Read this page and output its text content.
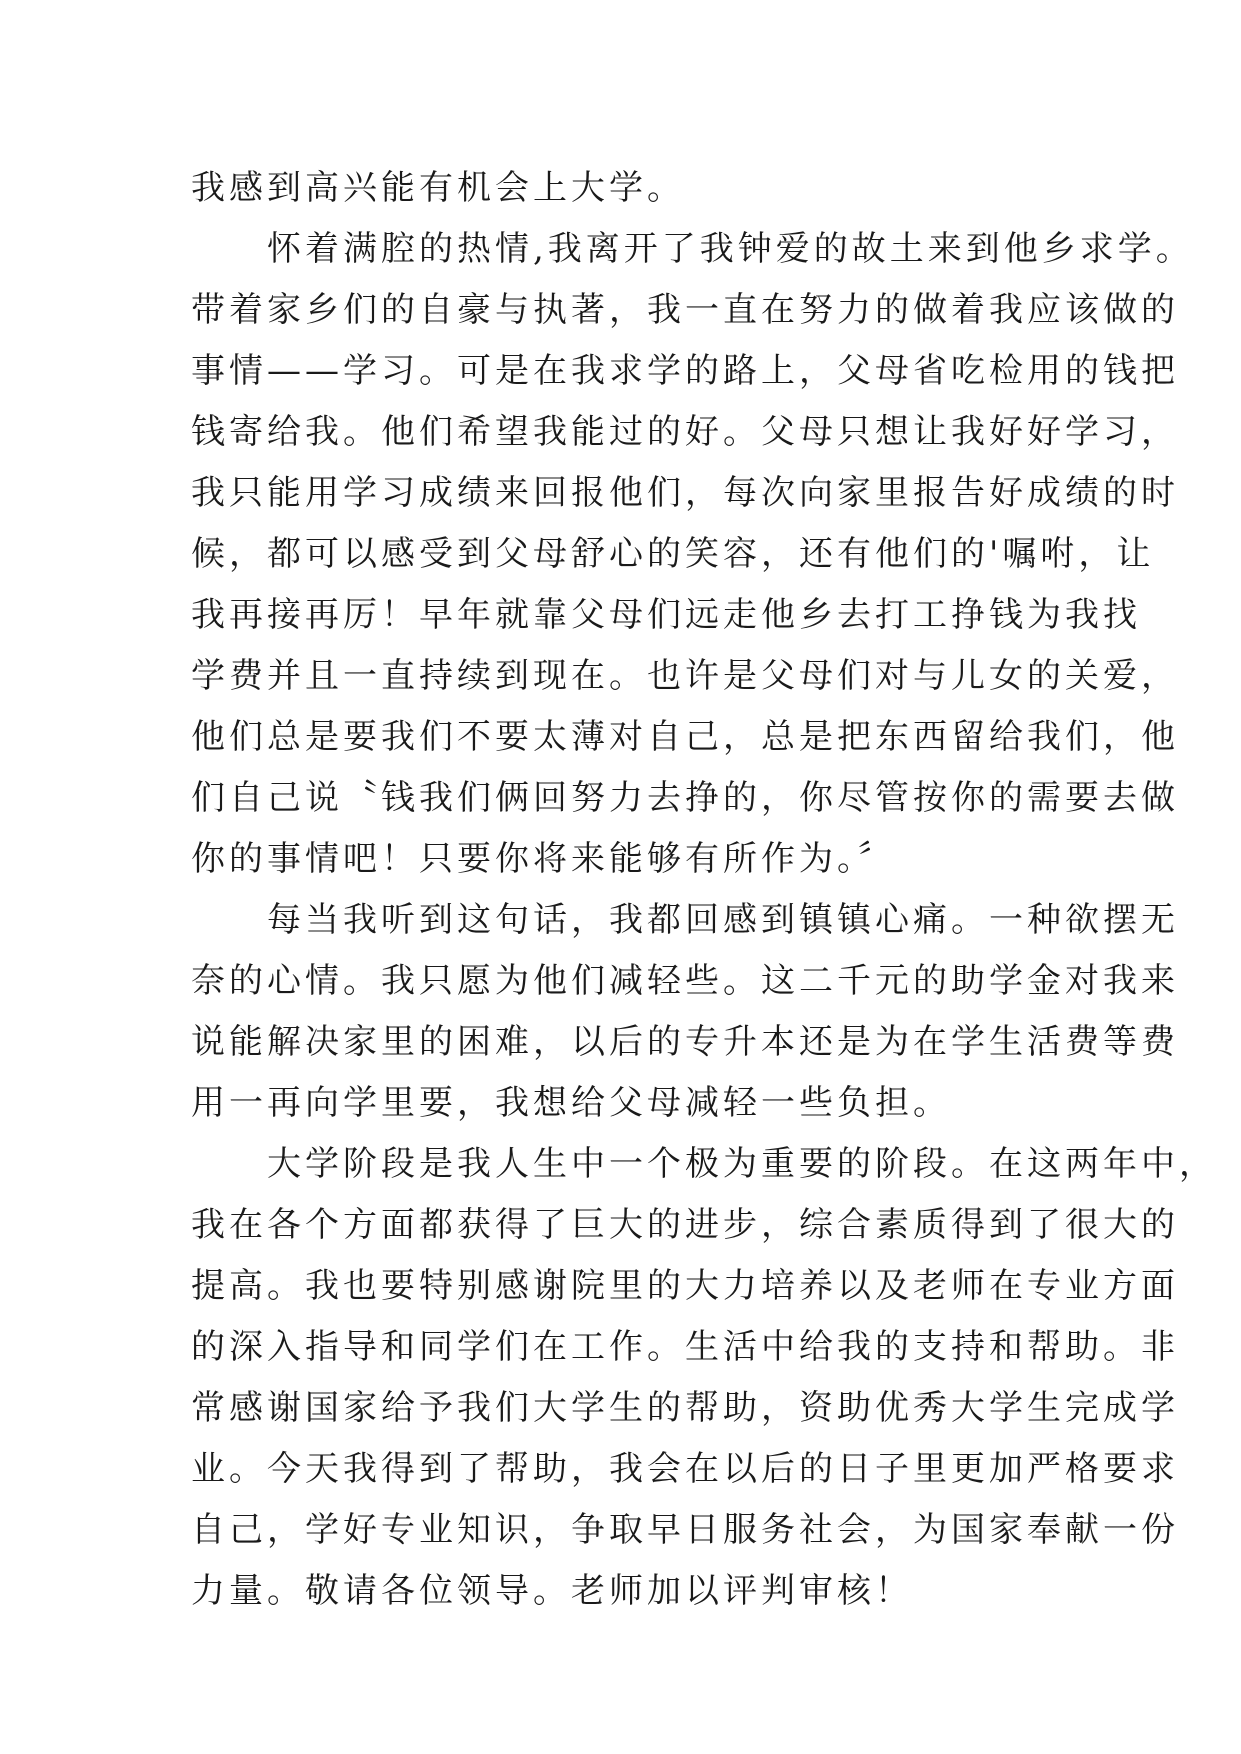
我感到高兴能有机会上大学。
　　怀着满腔的热情,我离开了我钟爱的故土来到他乡求学。
带着家乡们的自豪与执著，我一直在努力的做着我应该做的
事情——学习。可是在我求学的路上，父母省吃检用的钱把
钱寄给我。他们希望我能过的好。父母只想让我好好学习，
我只能用学习成绩来回报他们，每次向家里报告好成绩的时
候，都可以感受到父母舒心的笑容，还有他们的'嘱咐，让
我再接再厉！早年就靠父母们远走他乡去打工挣钱为我找
学费并且一直持续到现在。也许是父母们对与儿女的关爱，
他们总是要我们不要太薄对自己，总是把东西留给我们，他
们自己说〝钱我们俩回努力去挣的，你尽管按你的需要去做
你的事情吧！只要你将来能够有所作为。〞
　　每当我听到这句话，我都回感到镇镇心痛。一种欲摆无
奈的心情。我只愿为他们减轻些。这二千元的助学金对我来
说能解决家里的困难，以后的专升本还是为在学生活费等费
用一再向学里要，我想给父母减轻一些负担。
　　大学阶段是我人生中一个极为重要的阶段。在这两年中，
我在各个方面都获得了巨大的进步，综合素质得到了很大的
提高。我也要特别感谢院里的大力培养以及老师在专业方面
的深入指导和同学们在工作。生活中给我的支持和帮助。非
常感谢国家给予我们大学生的帮助，资助优秀大学生完成学
业。今天我得到了帮助，我会在以后的日子里更加严格要求
自己，学好专业知识，争取早日服务社会，为国家奉献一份
力量。敬请各位领导。老师加以评判审核！
